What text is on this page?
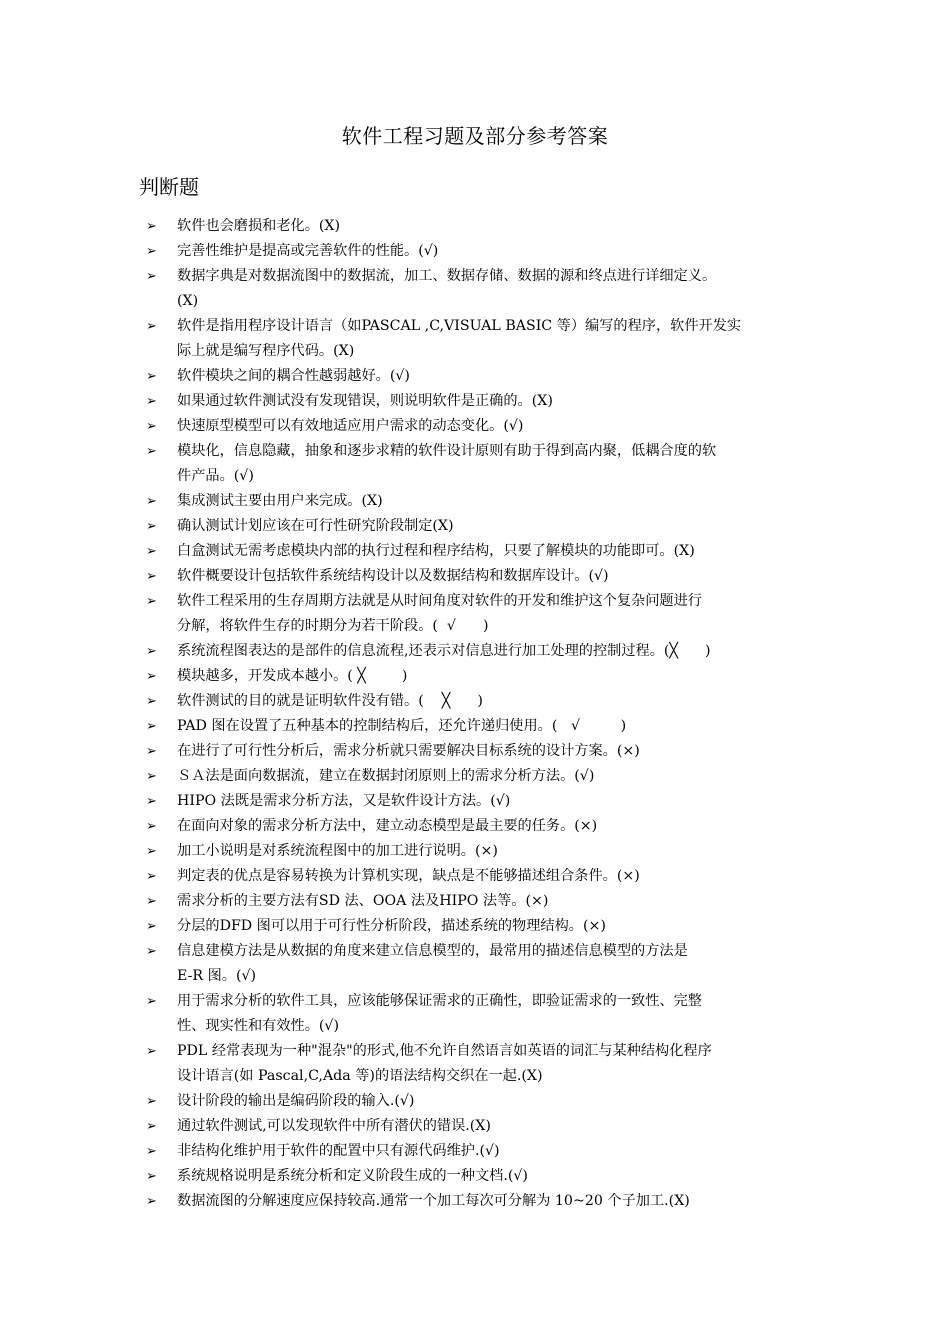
软件工程习题及部分参考答案
判断题
➢ 软件也会磨损和老化。(X)
➢ 完善性维护是提高或完善软件的性能。(√)
➢ 数据字典是对数据流图中的数据流，加工、数据存储、数据的源和终点进行详细定义。
(X)
➢ 软件是指用程序设计语言（如PASCAL ,C,VISUAL BASIC 等）编写的程序，软件开发实
际上就是编写程序代码。(X)
➢ 软件模块之间的耦合性越弱越好。(√)
➢ 如果通过软件测试没有发现错误，则说明软件是正确的。(X)
➢ 快速原型模型可以有效地适应用户需求的动态变化。(√)
➢ 模块化，信息隐藏，抽象和逐步求精的软件设计原则有助于得到高内聚，低耦合度的软
件产品。(√)
➢ 集成测试主要由用户来完成。(X)
➢ 确认测试计划应该在可行性研究阶段制定(X)
➢ 白盒测试无需考虑模块内部的执行过程和程序结构，只要了解模块的功能即可。(X)
➢ 软件概要设计包括软件系统结构设计以及数据结构和数据库设计。(√)
➢ 软件工程采用的生存周期方法就是从时间角度对软件的开发和维护这个复杂问题进行
分解，将软件生存的时期分为若干阶段。(  √      )
➢ 系统流程图表达的是部件的信息流程,还表示对信息进行加工处理的控制过程。(╳      )
➢ 模块越多，开发成本越小。( ╳        )
➢ 软件测试的目的就是证明软件没有错。(    ╳      )
➢ PAD 图在设置了五种基本的控制结构后，还允许递归使用。(   √         )
➢ 在进行了可行性分析后，需求分析就只需要解决目标系统的设计方案。(×)
➢ ＳＡ法是面向数据流，建立在数据封闭原则上的需求分析方法。(√)
➢ HIPO 法既是需求分析方法，又是软件设计方法。(√)
➢ 在面向对象的需求分析方法中，建立动态模型是最主要的任务。(×)
➢ 加工小说明是对系统流程图中的加工进行说明。(×)
➢ 判定表的优点是容易转换为计算机实现，缺点是不能够描述组合条件。(×)
➢ 需求分析的主要方法有SD 法、OOA 法及HIPO 法等。(×)
➢ 分层的DFD 图可以用于可行性分析阶段，描述系统的物理结构。(×)
➢ 信息建模方法是从数据的角度来建立信息模型的，最常用的描述信息模型的方法是
E-R 图。(√)
➢ 用于需求分析的软件工具，应该能够保证需求的正确性，即验证需求的一致性、完整
性、现实性和有效性。(√)
➢ PDL 经常表现为一种"混杂"的形式,他不允许自然语言如英语的词汇与某种结构化程序
设计语言(如 Pascal,C,Ada 等)的语法结构交织在一起.(X)
➢ 设计阶段的输出是编码阶段的输入.(√)
➢ 通过软件测试,可以发现软件中所有潜伏的错误.(X)
➢ 非结构化维护用于软件的配置中只有源代码维护.(√)
➢ 系统规格说明是系统分析和定义阶段生成的一种文档.(√)
➢ 数据流图的分解速度应保持较高.通常一个加工每次可分解为 10~20 个子加工.(X)
